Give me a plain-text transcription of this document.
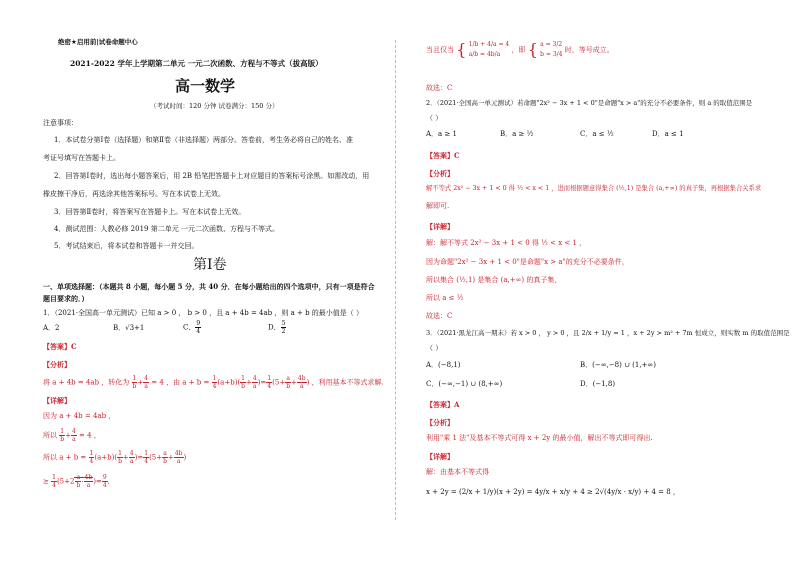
绝密★启用前|试卷命题中心
2021-2022 学年上学期第二单元 一元二次函数、方程与不等式（拔高版）
高一数学
（考试时间：120 分钟 试卷满分：150 分）
注意事项：
1．本试卷分第Ⅰ卷（选择题）和第Ⅱ卷（非选择题）两部分。答卷前，考生务必将自己的姓名、准
考证号填写在答题卡上。
2．回答第Ⅰ卷时，选出每小题答案后，用 2B 铅笔把答题卡上对应题目的答案标号涂黑。如需改动，用
橡皮擦干净后，再选涂其他答案标号。写在本试卷上无效。
3．回答第Ⅱ卷时，将答案写在答题卡上。写在本试卷上无效。
4．测试范围：人教必修 2019 第二单元 一元二次函数、方程与不等式。
5．考试结束后，将本试卷和答题卡一并交回。
第Ⅰ卷
一、单项选择题：（本题共 8 小题，每小题 5 分，共 40 分．在每小题给出的四个选项中，只有一项是符合
题目要求的．）
1．（2021·全国高一单元测试）已知 a > 0 ， b > 0 ，且 a + 4b = 4ab ，则 a + b 的最小值是（ ）
A．2	B．√3+1	C． $\frac{9}{4}$	D． $\frac{5}{2}$
【答案】C
【分析】
将 a + 4b = 4ab ，转化为 $\frac{1}{b} + \frac{4}{a} = 4$ ，由 $a + b = \frac{1}{4} (a+b)( \frac{1}{b} + \frac{4}{a}$ )= $\frac{1}{4} (5+ \frac{a}{b} + \frac{4b}{a}$ ) ，利用基本不等式求解.
【详解】
因为 a + 4b = 4ab ，
所以 $\frac{1}{b} + \frac{4}{a} = 4$ ，
所以 $a + b = \frac{1}{4} (a+b)( \frac{1}{b} + \frac{4}{a}$ )= $\frac{1}{4} (5+ \frac{a}{b} + \frac{4b}{a}$ )
≥ $\frac{1}{4} (5+2 \frac{a}{b} \cdot \frac{4b}{a}$ )= $\frac{9}{4}$ ,
当且仅当 { 1/b + 4/a = 4
a/b = 4b/a
，即 { a = 3/2
b = 3/4
时，等号成立。
故选：C
2．（2021·全国高一单元测试）若命题"2x² − 3x + 1 < 0"是命题"x > a"的充分不必要条件，则 a 的取值范围是
（ ）
A．a ≥ 1	B．a ≥ ½	C．a ≤ ½	D．a ≤ 1
【答案】C
【分析】
解不等式 2x² − 3x + 1 < 0 得 ½ < x < 1 ，进而根据题意得集合 (½,1) 是集合 (a,+∞) 的真子集，再根据集合关系求
解即可.
【详解】
解：解不等式 2x² − 3x + 1 < 0 得 ½ < x < 1 ，
因为命题"2x² − 3x + 1 < 0"是命题"x > a"的充分不必要条件，
所以集合 (½,1) 是集合 (a,+∞) 的真子集，
所以 a ≤ ½
故选：C
3．（2021·黑龙江高一期末）若 x > 0 ， y > 0 ，且 2/x + 1/y = 1 ，x + 2y > m² + 7m 恒成立，则实数 m 的取值范围是
（ ）
A．(−8,1)	B．(−∞,−8) ∪ (1,+∞)
C．(−∞,−1) ∪ (8,+∞)	D．(−1,8)
【答案】A
【分析】
利用"乘 1 法"及基本不等式可得 x + 2y 的最小值，解出不等式即可得出.
【详解】
解：由基本不等式得
x + 2y = (2/x + 1/y)(x + 2y) = 4y/x + x/y + 4 ≥ 2√(4y/x · x/y) + 4 = 8 ，
